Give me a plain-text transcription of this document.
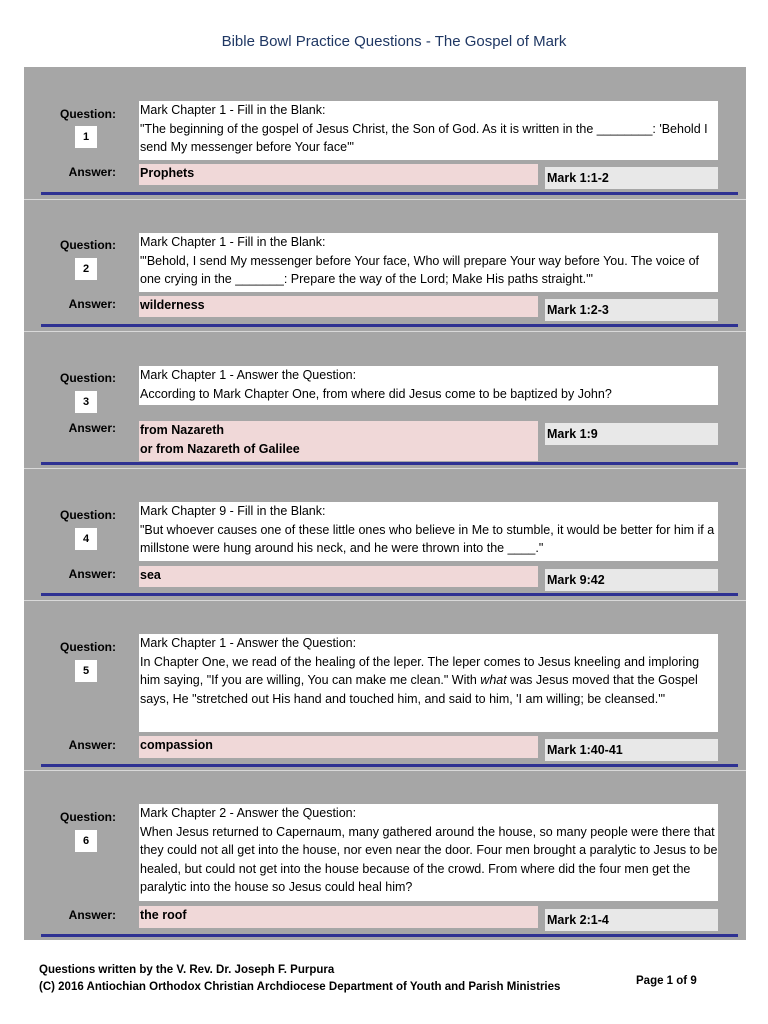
Bible Bowl Practice Questions - The Gospel of Mark
Question:
1
Mark Chapter 1 - Fill in the Blank:
"The beginning of the gospel of Jesus Christ, the Son of God. As it is written in the ________: 'Behold I send My messenger before Your face'"
Answer: Prophets	Mark 1:1-2
Question:
2
Mark Chapter 1 - Fill in the Blank:
"'Behold, I send My messenger before Your face, Who will prepare Your way before You. The voice of one crying in the _______: Prepare the way of the Lord; Make His paths straight.'"
Answer: wilderness	Mark 1:2-3
Question:
3
Mark Chapter 1 - Answer the Question:
According to Mark Chapter One, from where did Jesus come to be baptized by John?
Answer: from Nazareth
or from Nazareth of Galilee
Mark 1:9
Question:
4
Mark Chapter 9 - Fill in the Blank:
"But whoever causes one of these little ones who believe in Me to stumble, it would be better for him if a millstone were hung around his neck, and he were thrown into the ____."
Answer: sea	Mark 9:42
Question:
5
Mark Chapter 1 - Answer the Question:
In Chapter One, we read of the healing of the leper. The leper comes to Jesus kneeling and imploring him saying, "If you are willing, You can make me clean." With what was Jesus moved that the Gospel says, He "stretched out His hand and touched him, and said to him, 'I am willing; be cleansed.'"
Answer: compassion	Mark 1:40-41
Question:
6
Mark Chapter 2 - Answer the Question:
When Jesus returned to Capernaum, many gathered around the house, so many people were there that they could not all get into the house, nor even near the door. Four men brought a paralytic to Jesus to be healed, but could not get into the house because of the crowd. From where did the four men get the paralytic into the house so Jesus could heal him?
Answer: the roof	Mark 2:1-4
Questions written by the V. Rev. Dr. Joseph F. Purpura
(C) 2016 Antiochian Orthodox Christian Archdiocese Department of Youth and Parish Ministries	Page 1 of 9
